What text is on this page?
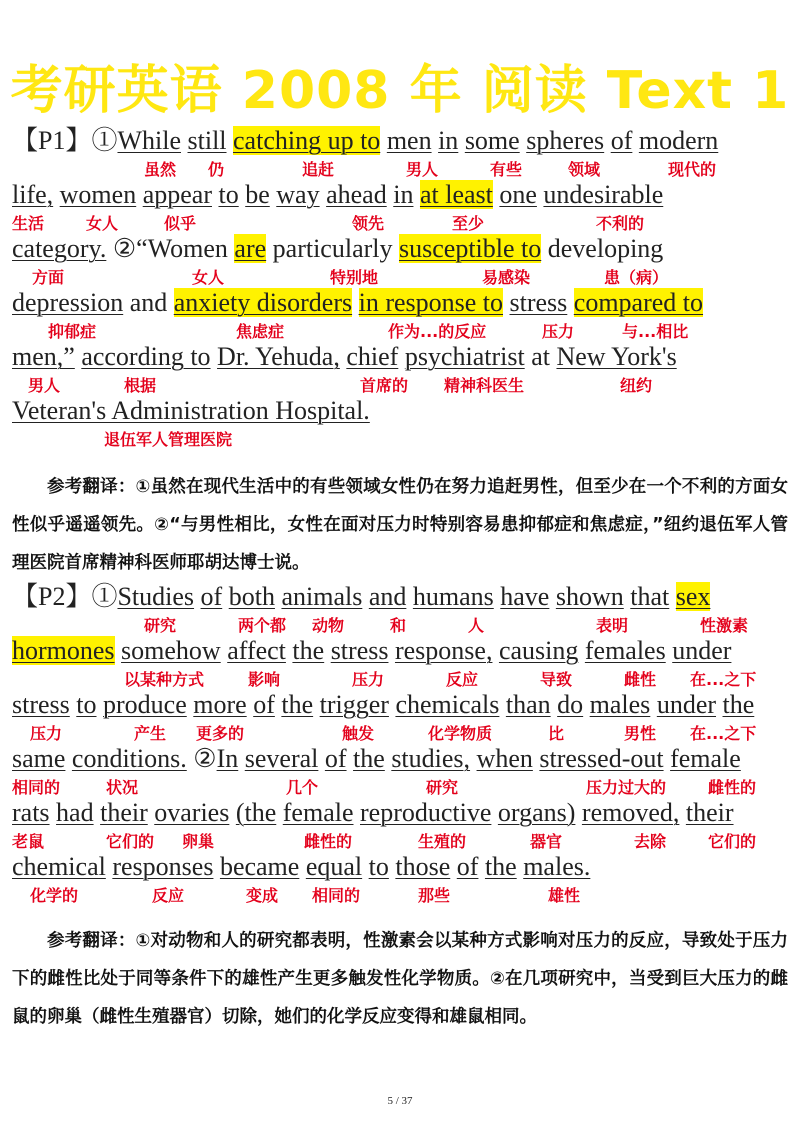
考研英语 2008 年 阅读 Text 1
【P1】①While still catching up to men in some spheres of modern
life, women appear to be way ahead in at least one undesirable
category. ②“Women are particularly susceptible to developing
depression and anxiety disorders in response to stress compared to
men,” according to Dr. Yehuda, chief psychiatrist at New York's
Veteran's Administration Hospital.
虽然 仍	追赶	男人	有些	领域	现代的
生活	女人	似乎	领先	至少	不利的
方面	女人	特别地	易感染	患（病）
抑郁症	焦虑症	作为...的反应	压力	与...相比
男人	根据	首席的 精神科医生	纽约
退伍军人管理医院
参考翻译：①虽然在现代生活中的有些领域女性仍在努力追赶男性，但至少在一个不利的方面女性似乎遥遥领先。②“与男性相比，女性在面对压力时特别容易患抑郁症和焦虑症，”纽约退伍军人管理医院首席精神科医师耶胡达博士说。
【P2】①Studies of both animals and humans have shown that sex
hormones somehow affect the stress response, causing females under
stress to produce more of the trigger chemicals than do males under the
same conditions. ②In several of the studies, when stressed-out female
rats had their ovaries (the female reproductive organs) removed, their
chemical responses became equal to those of the males.
研究	两个都 动物	和	人	表明	性激素
以某种方式	影响	压力	反应	导致	雌性 在...之下
压力	产生 更多的	触发	化学物质	比	男性 在...之下
相同的	状况	几个	研究	压力过大的	雌性的
老鼠	它们的 卵巢	雌性的	生殖的	器官	去除	它们的
化学的	反应	变成 相同的	那些	雄性
参考翻译：①对动物和人的研究都表明，性激素会以某种方式影响对压力的反应，导致处于压力下的雌性比处于同等条件下的雄性产生更多触发性化学物质。②在几项研究中，当受到巨大压力的雌鼠的卵巢（雌性生殖器官）切除，她们的化学反应变得和雄鼠相同。
5 / 37
